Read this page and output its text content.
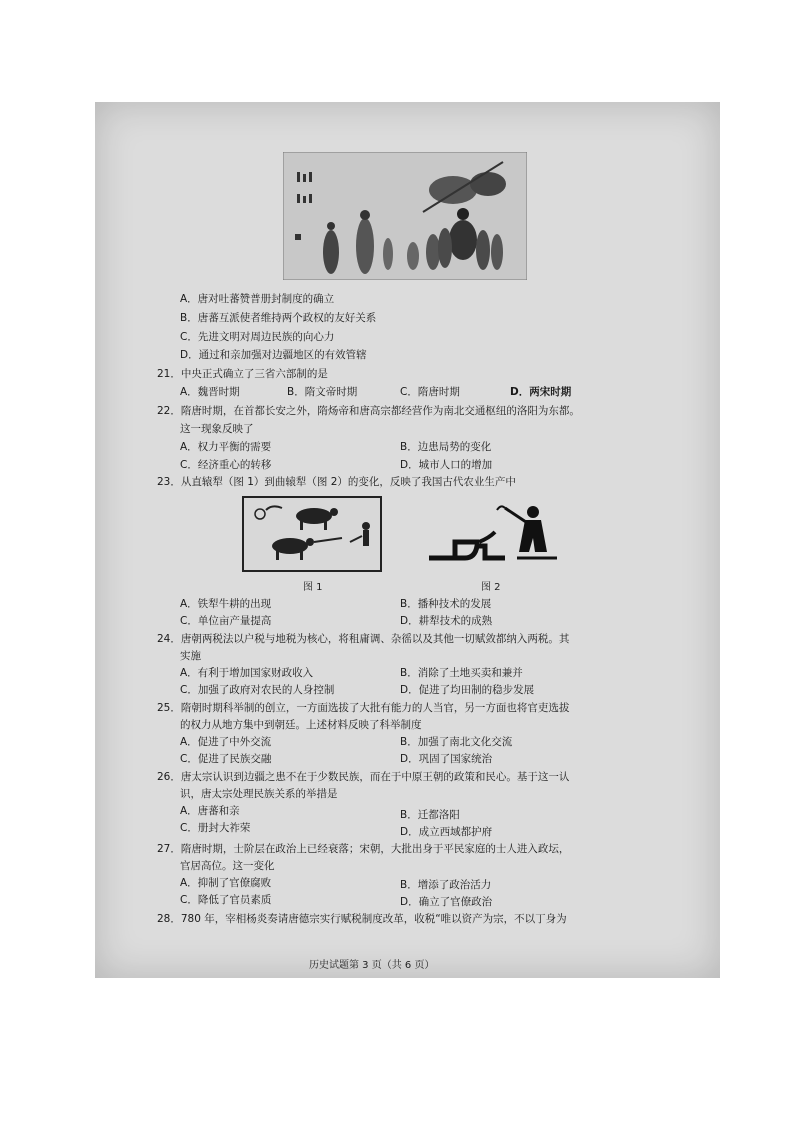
A．唐对吐蕃赞普册封制度的确立
B．唐蕃互派使者维持两个政权的友好关系
C．先进文明对周边民族的向心力
D．通过和亲加强对边疆地区的有效管辖
21．中央正式确立了三省六部制的是
A．魏晋时期	B．隋文帝时期	C．隋唐时期	D．两宋时期
22．隋唐时期，在首都长安之外，隋炀帝和唐高宗都经营作为南北交通枢纽的洛阳为东都。
这一现象反映了
A．权力平衡的需要	B．边患局势的变化
C．经济重心的转移	D．城市人口的增加
23．从直辕犁（图 1）到曲辕犁（图 2）的变化，反映了我国古代农业生产中
图 1	图 2
A．铁犁牛耕的出现	B．播种技术的发展
C．单位亩产量提高	D．耕犁技术的成熟
24．唐朝两税法以户税与地税为核心，将租庸调、杂徭以及其他一切赋敛都纳入两税。其
实施
A．有利于增加国家财政收入	B．消除了土地买卖和兼并
C．加强了政府对农民的人身控制	D．促进了均田制的稳步发展
25．隋朝时期科举制的创立，一方面选拔了大批有能力的人当官，另一方面也将官吏选拔
的权力从地方集中到朝廷。上述材料反映了科举制度
A．促进了中外交流	B．加强了南北文化交流
C．促进了民族交融	D．巩固了国家统治
26．唐太宗认识到边疆之患不在于少数民族，而在于中原王朝的政策和民心。基于这一认
识，唐太宗处理民族关系的举措是
A．唐蕃和亲	B．迁都洛阳
C．册封大祚荣	D．成立西域都护府
27．隋唐时期，士阶层在政治上已经衰落；宋朝，大批出身于平民家庭的士人进入政坛，
官居高位。这一变化
A．抑制了官僚腐败	B．增添了政治活力
C．降低了官员素质	D．确立了官僚政治
28．780 年，宰相杨炎奏请唐德宗实行赋税制度改革，收税“唯以资产为宗，不以丁身为
历史试题第 3 页（共 6 页）
